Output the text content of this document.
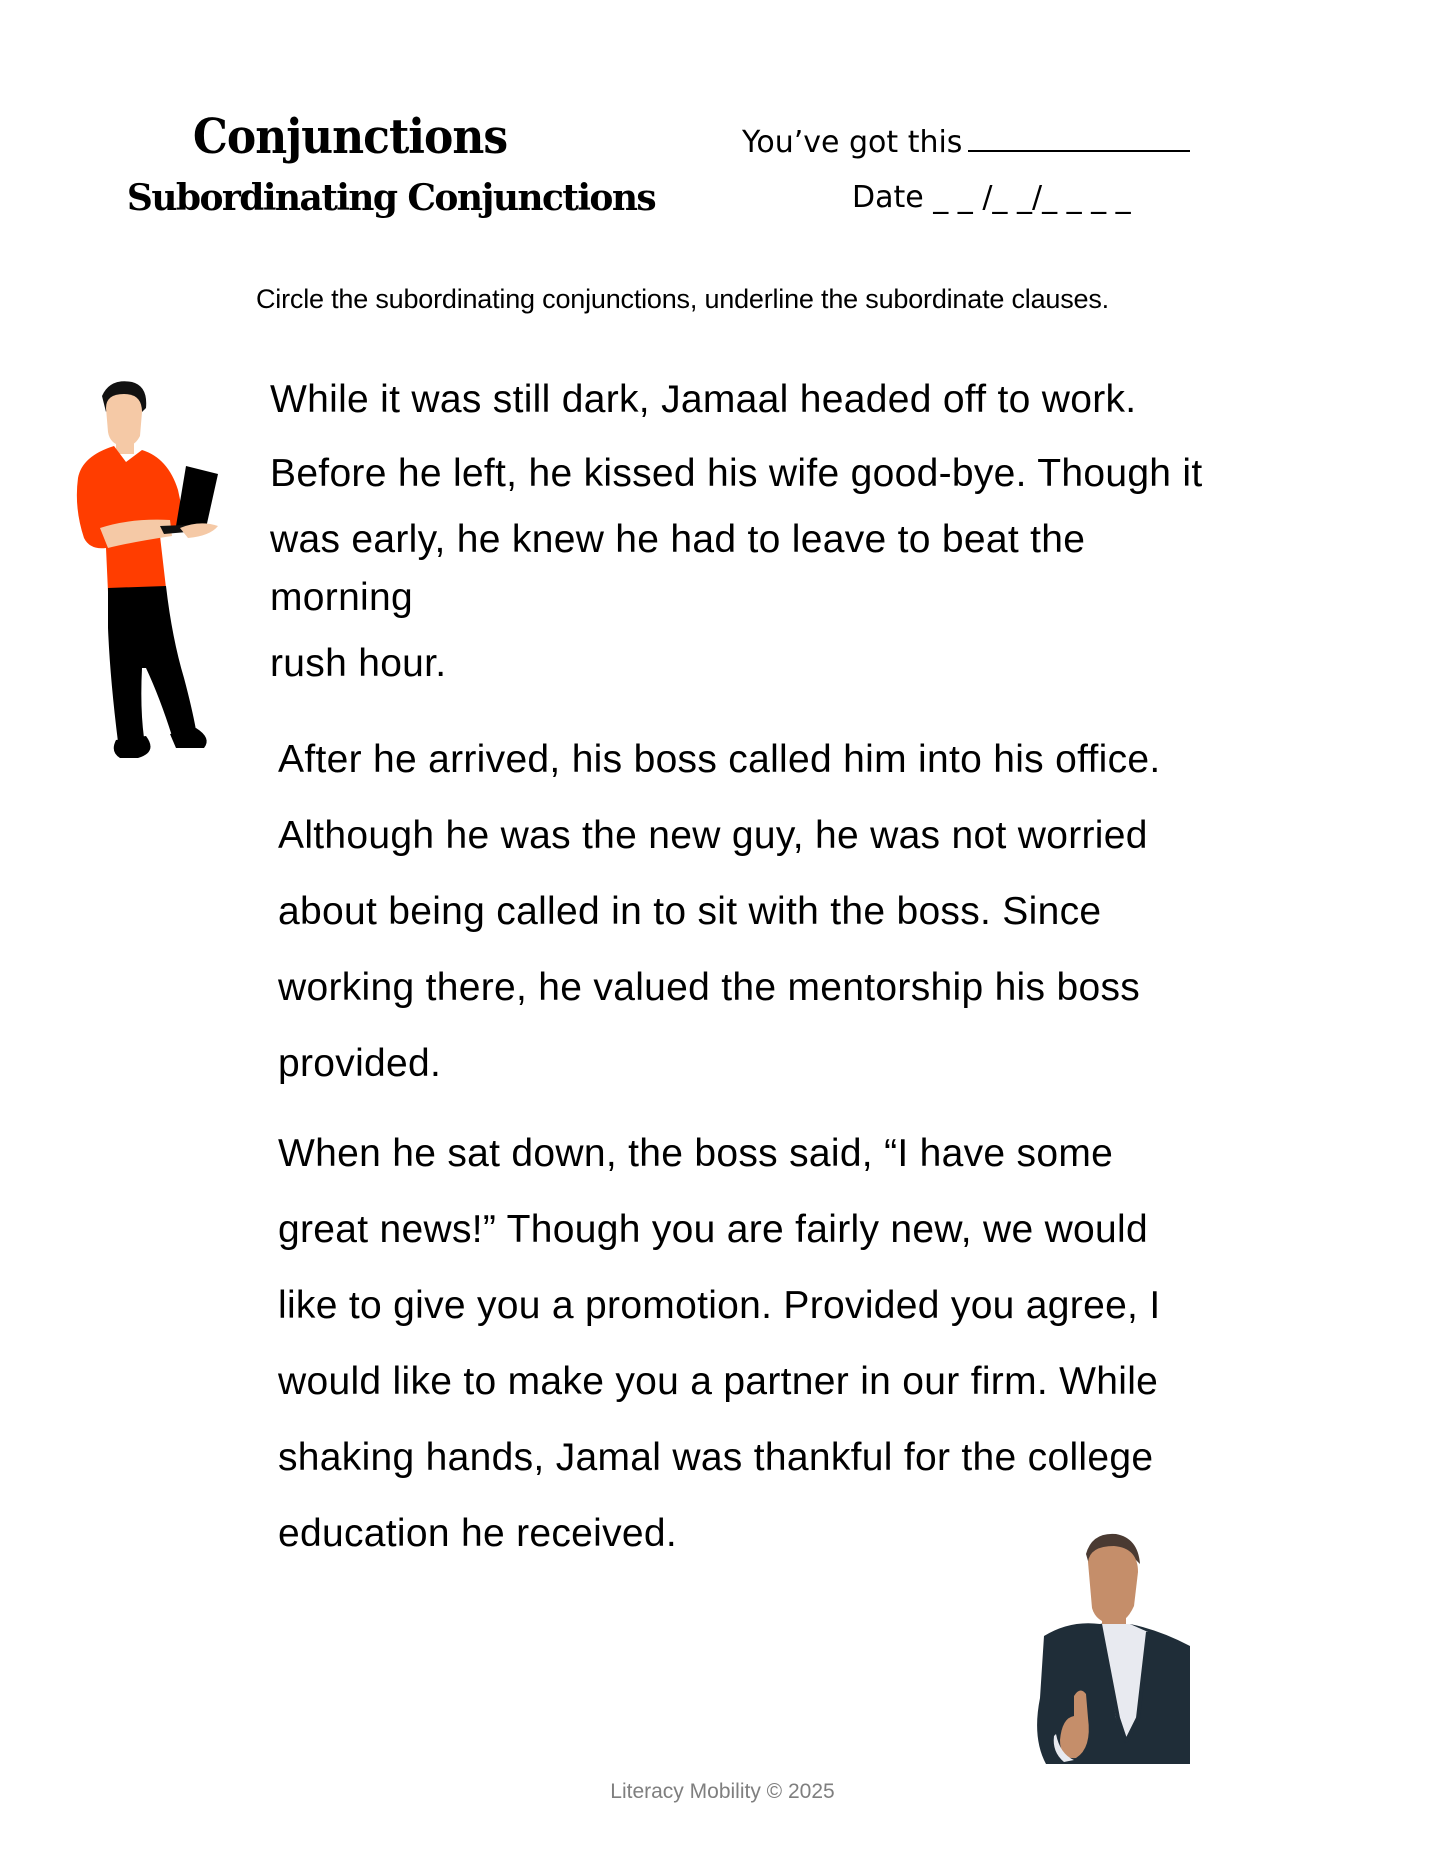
Conjunctions
Subordinating Conjunctions
You’ve got this
Date _ _ /_ _/_ _ _ _
Circle the subordinating conjunctions, underline the subordinate clauses.
While it was still dark, Jamaal headed off to work.
Before he left, he kissed his wife good-bye. Though it
was early, he knew he had to leave to beat the
morning
rush hour.
After he arrived, his boss called him into his office.
Although he was the new guy, he was not worried
about being called in to sit with the boss. Since
working there, he valued the mentorship his boss
provided.
When he sat down, the boss said, “I have some
great news!” Though you are fairly new, we would
like to give you a promotion. Provided you agree, I
would like to make you a partner in our firm. While
shaking hands, Jamal was thankful for the college
education he received.
Literacy Mobility © 2025
